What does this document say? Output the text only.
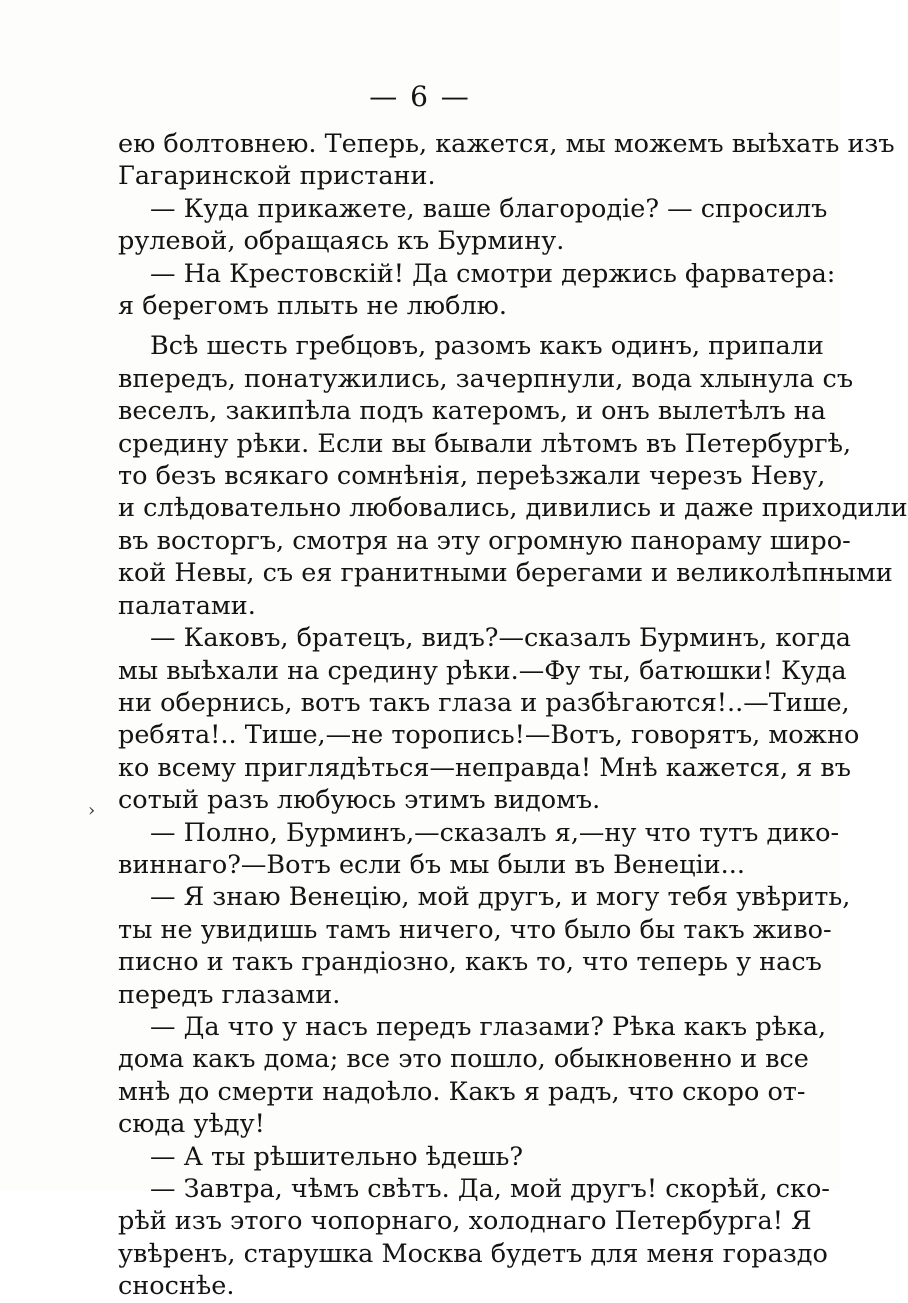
— 6 —
›
ею болтовнею. Теперь, кажется, мы можемъ выѣхать изъ
Гагаринской пристани.
— Куда прикажете, ваше благородіе? — спросилъ
рулевой, обращаясь къ Бурмину.
— На Крестовскій! Да смотри держись фарватера:
я берегомъ плыть не люблю.
Всѣ шесть гребцовъ, разомъ какъ одинъ, припали
впередъ, понатужились, зачерпнули, вода хлынула съ
веселъ, закипѣла подъ катеромъ, и онъ вылетѣлъ на
средину рѣки. Если вы бывали лѣтомъ въ Петербургѣ,
то безъ всякаго сомнѣнія, переѣзжали черезъ Неву,
и слѣдовательно любовались, дивились и даже приходили
въ восторгъ, смотря на эту огромную панораму широ-
кой Невы, съ ея гранитными берегами и великолѣпными
палатами.
— Каковъ, братецъ, видъ?—сказалъ Бурминъ, когда
мы выѣхали на средину рѣки.—Фу ты, батюшки! Куда
ни обернись, вотъ такъ глаза и разбѣгаются!..—Тише,
ребята!.. Тише,—не торопись!—Вотъ, говорятъ, можно
ко всему приглядѣться—неправда! Мнѣ кажется, я въ
сотый разъ любуюсь этимъ видомъ.
— Полно, Бурминъ,—сказалъ я,—ну что тутъ дико-
виннаго?—Вотъ если бъ мы были въ Венеціи...
— Я знаю Венецію, мой другъ, и могу тебя увѣрить,
ты не увидишь тамъ ничего, что было бы такъ живо-
писно и такъ грандіозно, какъ то, что теперь у насъ
передъ глазами.
— Да что у насъ передъ глазами? Рѣка какъ рѣка,
дома какъ дома; все это пошло, обыкновенно и все
мнѣ до смерти надоѣло. Какъ я радъ, что скоро от-
сюда уѣду!
— А ты рѣшительно ѣдешь?
— Завтра, чѣмъ свѣтъ. Да, мой другъ! скорѣй, ско-
рѣй изъ этого чопорнаго, холоднаго Петербурга! Я
увѣренъ, старушка Москва будетъ для меня гораздо
сноснѣе.
